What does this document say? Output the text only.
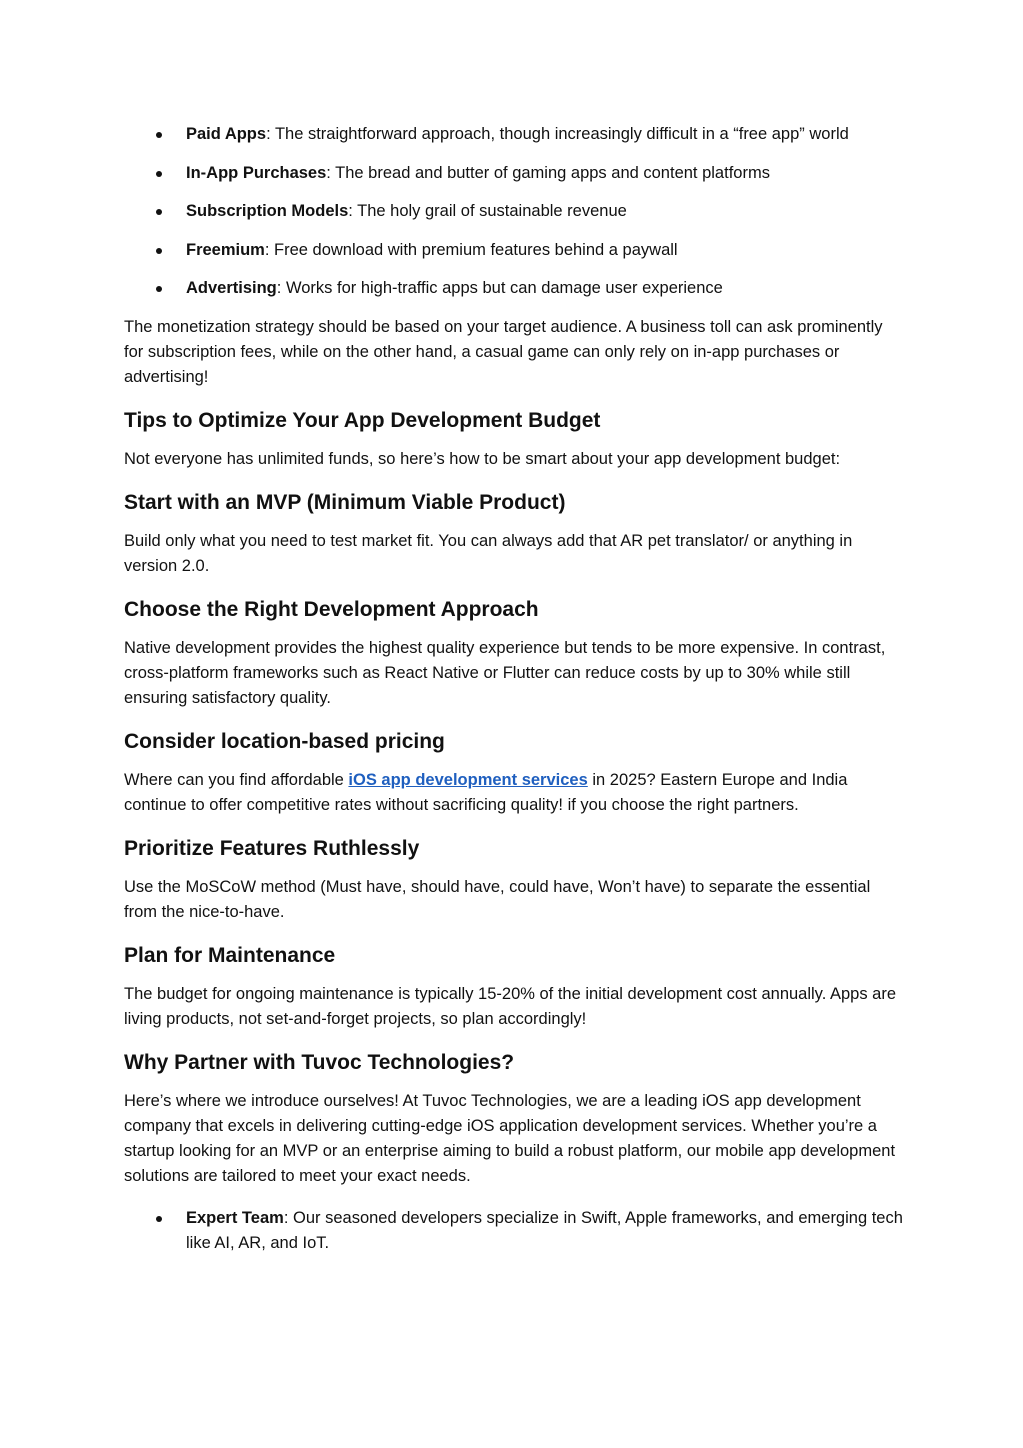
Paid Apps: The straightforward approach, though increasingly difficult in a “free app” world
In-App Purchases: The bread and butter of gaming apps and content platforms
Subscription Models: The holy grail of sustainable revenue
Freemium: Free download with premium features behind a paywall
Advertising: Works for high-traffic apps but can damage user experience

The monetization strategy should be based on your target audience. A business toll can ask prominently for subscription fees, while on the other hand, a casual game can only rely on in-app purchases or advertising!

Tips to Optimize Your App Development Budget

Not everyone has unlimited funds, so here’s how to be smart about your app development budget:

Start with an MVP (Minimum Viable Product)

Build only what you need to test market fit. You can always add that AR pet translator/ or anything in version 2.0.

Choose the Right Development Approach

Native development provides the highest quality experience but tends to be more expensive. In contrast, cross-platform frameworks such as React Native or Flutter can reduce costs by up to 30% while still ensuring satisfactory quality.

Consider location-based pricing

Where can you find affordable iOS app development services in 2025? Eastern Europe and India continue to offer competitive rates without sacrificing quality! if you choose the right partners.

Prioritize Features Ruthlessly

Use the MoSCoW method (Must have, should have, could have, Won’t have) to separate the essential from the nice-to-have.

Plan for Maintenance

The budget for ongoing maintenance is typically 15-20% of the initial development cost annually. Apps are living products, not set-and-forget projects, so plan accordingly!

Why Partner with Tuvoc Technologies?

Here’s where we introduce ourselves! At Tuvoc Technologies, we are a leading iOS app development company that excels in delivering cutting-edge iOS application development services. Whether you’re a startup looking for an MVP or an enterprise aiming to build a robust platform, our mobile app development solutions are tailored to meet your exact needs.

Expert Team: Our seasoned developers specialize in Swift, Apple frameworks, and emerging tech like AI, AR, and IoT.
